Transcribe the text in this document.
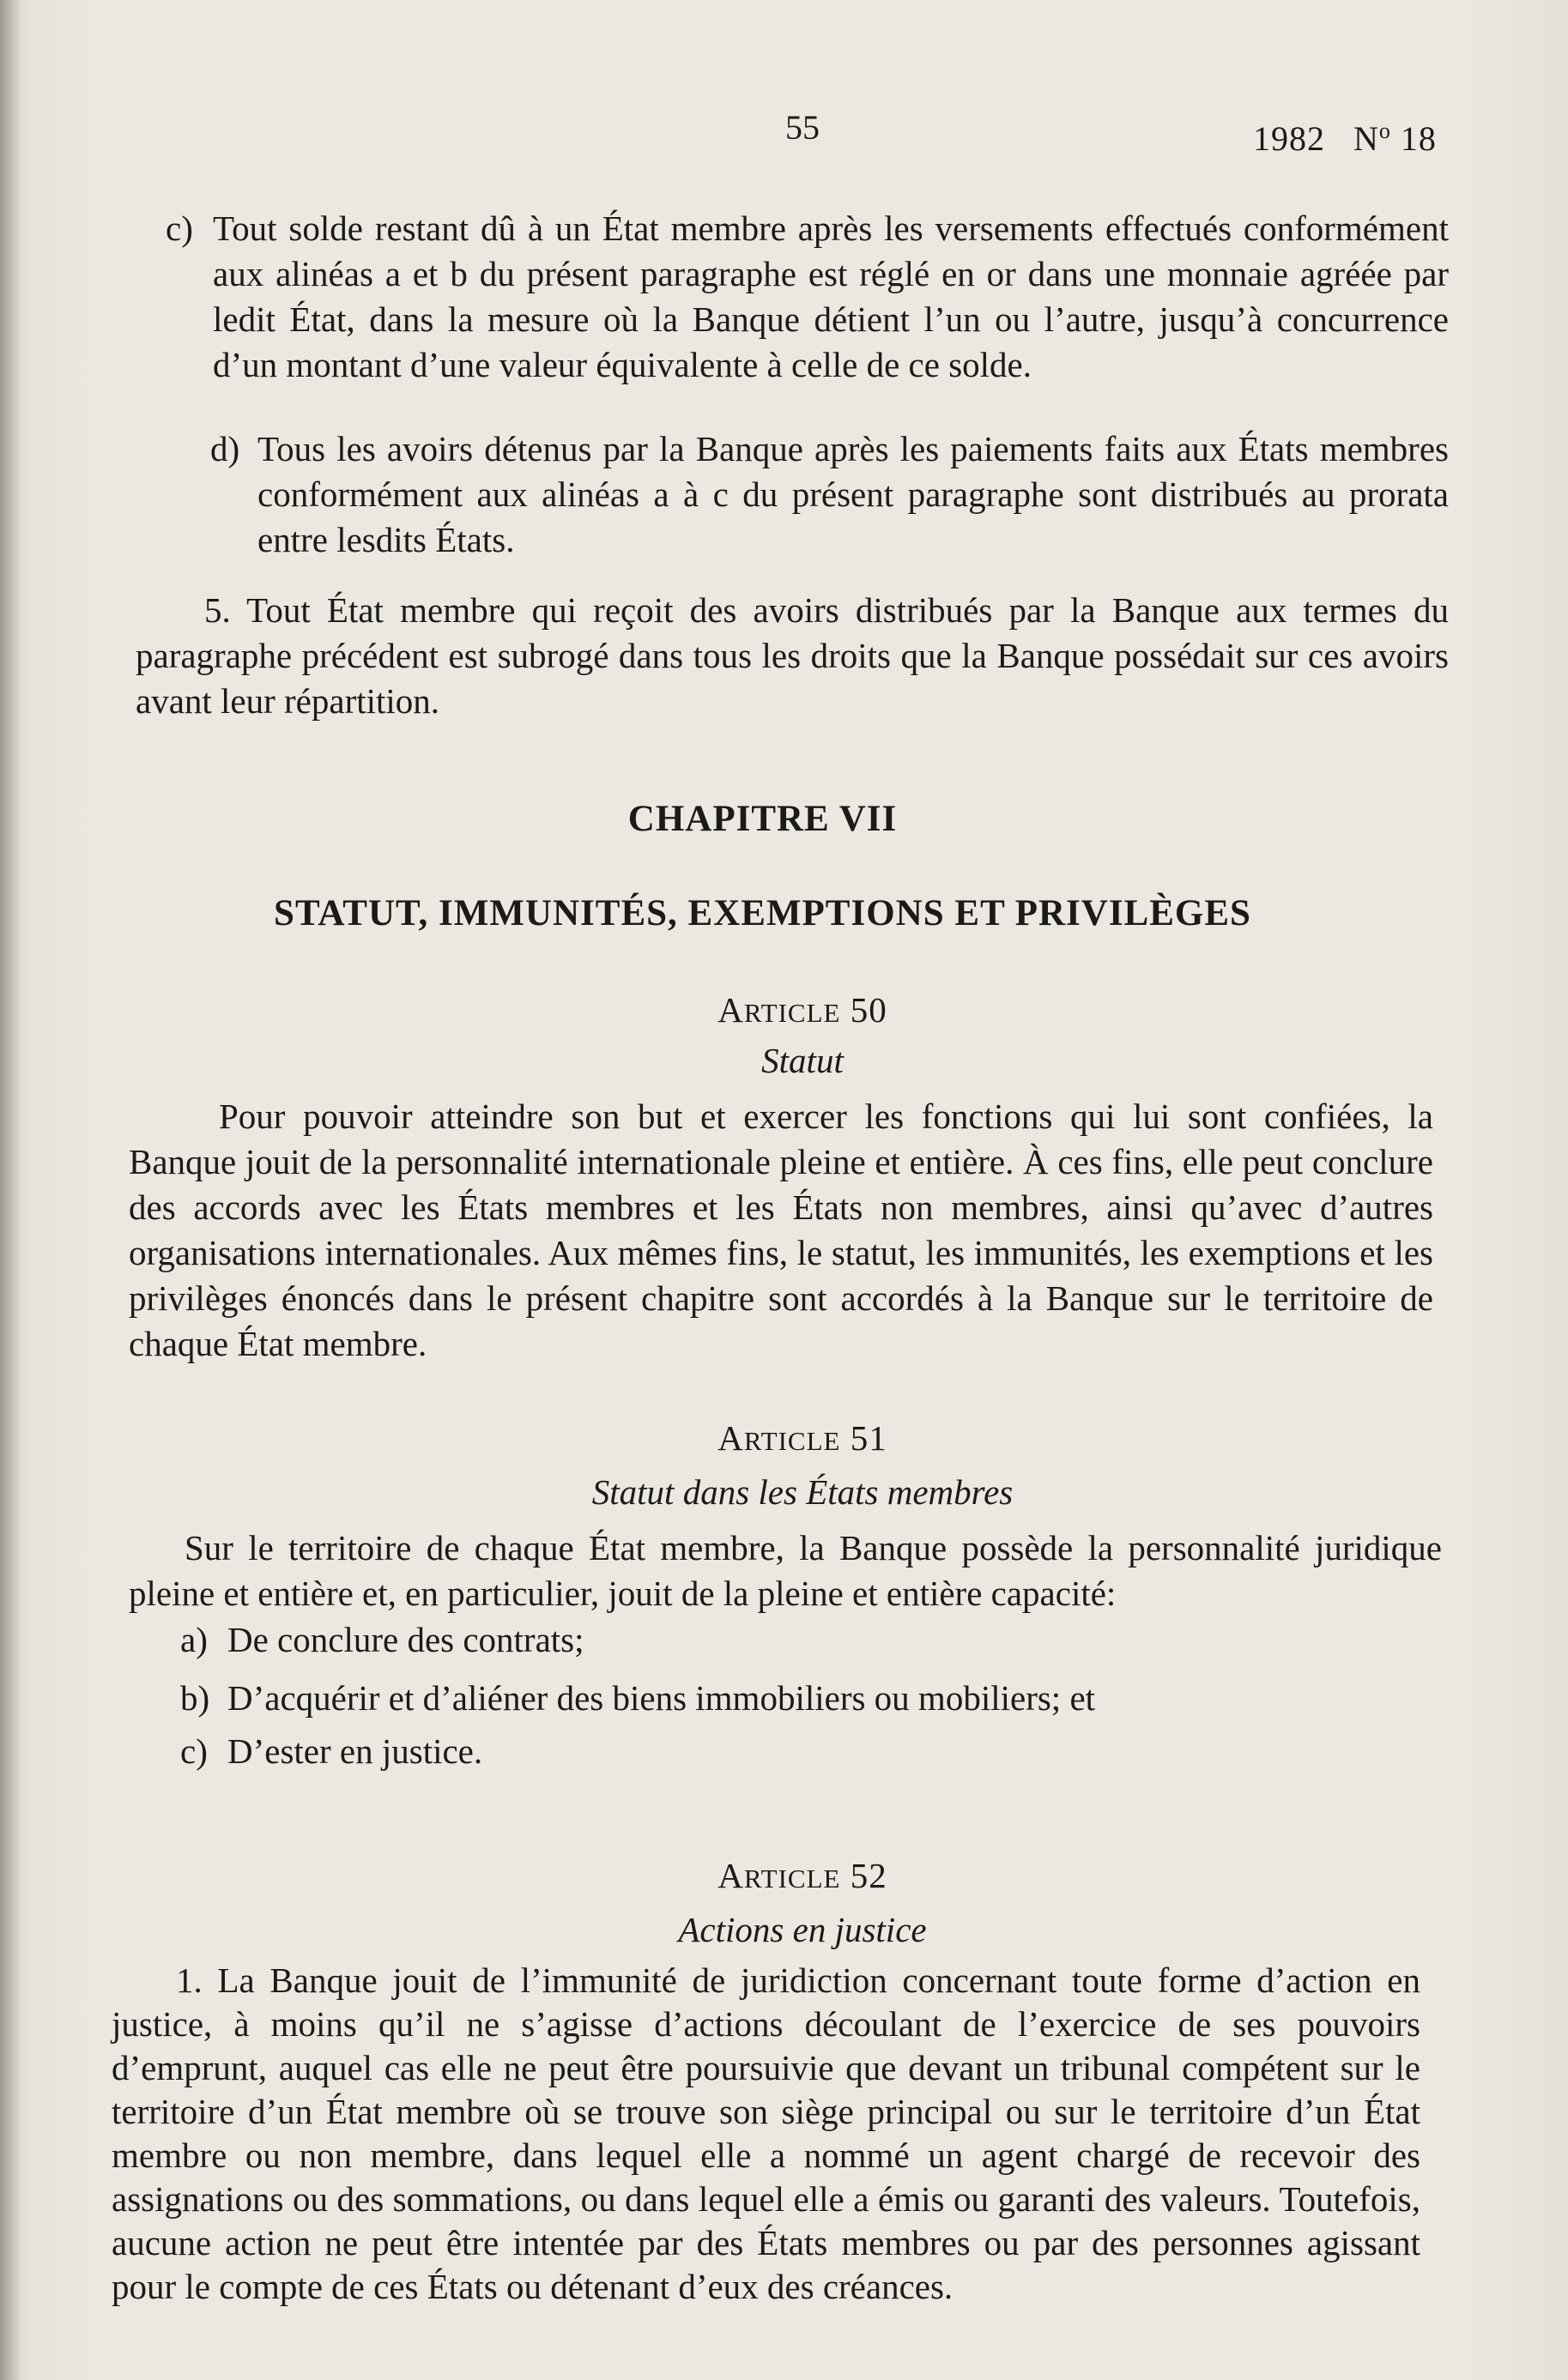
55	1982 $N^o$ 18
c) Tout solde restant dû à un État membre après les versements effectués conformément aux alinéas a et b du présent paragraphe est réglé en or dans une monnaie agréée par ledit État, dans la mesure où la Banque détient l’un ou l’autre, jusqu’à concurrence d’un montant d’une valeur équivalente à celle de ce solde.
d) Tous les avoirs détenus par la Banque après les paiements faits aux États membres conformément aux alinéas a à c du présent paragraphe sont distribués au prorata entre lesdits États.
5. Tout État membre qui reçoit des avoirs distribués par la Banque aux termes du paragraphe précédent est subrogé dans tous les droits que la Banque possédait sur ces avoirs avant leur répartition.
CHAPITRE VII
STATUT, IMMUNITÉS, EXEMPTIONS ET PRIVILÈGES
ARTICLE 50
Statut
Pour pouvoir atteindre son but et exercer les fonctions qui lui sont confiées, la Banque jouit de la personnalité internationale pleine et entière. À ces fins, elle peut conclure des accords avec les États membres et les États non membres, ainsi qu’avec d’autres organisations internationales. Aux mêmes fins, le statut, les immunités, les exemptions et les privilèges énoncés dans le présent chapitre sont accordés à la Banque sur le territoire de chaque État membre.
ARTICLE 51
Statut dans les États membres
Sur le territoire de chaque État membre, la Banque possède la personnalité juridique pleine et entière et, en particulier, jouit de la pleine et entière capacité:
a) De conclure des contrats;
b) D’acquérir et d’aliéner des biens immobiliers ou mobiliers; et
c) D’ester en justice.
ARTICLE 52
Actions en justice
1. La Banque jouit de l’immunité de juridiction concernant toute forme d’action en justice, à moins qu’il ne s’agisse d’actions découlant de l’exercice de ses pouvoirs d’emprunt, auquel cas elle ne peut être poursuivie que devant un tribunal compétent sur le territoire d’un État membre où se trouve son siège principal ou sur le territoire d’un État membre ou non membre, dans lequel elle a nommé un agent chargé de recevoir des assignations ou des sommations, ou dans lequel elle a émis ou garanti des valeurs. Toutefois, aucune action ne peut être intentée par des États membres ou par des personnes agissant pour le compte de ces États ou détenant d’eux des créances.
